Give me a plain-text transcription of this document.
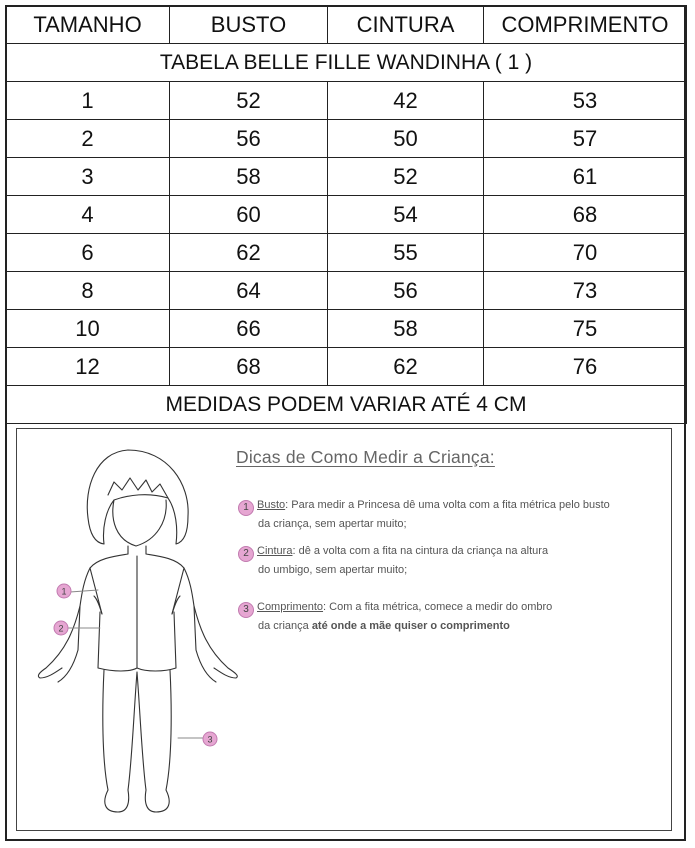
TABELA BELLE FILLE WANDINHA ( 1 )			
TAMANHO	BUSTO	CINTURA	COMPRIMENTO
1	52	42	53
2	56	50	57
3	58	52	61
4	60	54	68
6	62	55	70
8	64	56	73
10	66	58	75
12	68	62	76
MEDIDAS PODEM VARIAR ATÉ 4 CM			
1
2
3
Dicas de Como Medir a Criança:
1 Busto: Para medir a Princesa dê uma volta com a fita métrica pelo busto
da criança, sem apertar muito;
2 Cintura: dê a volta com a fita na cintura da criança na altura
do umbigo, sem apertar muito;
3 Comprimento: Com a fita métrica, comece a medir do ombro
da criança até onde a mãe quiser o comprimento
